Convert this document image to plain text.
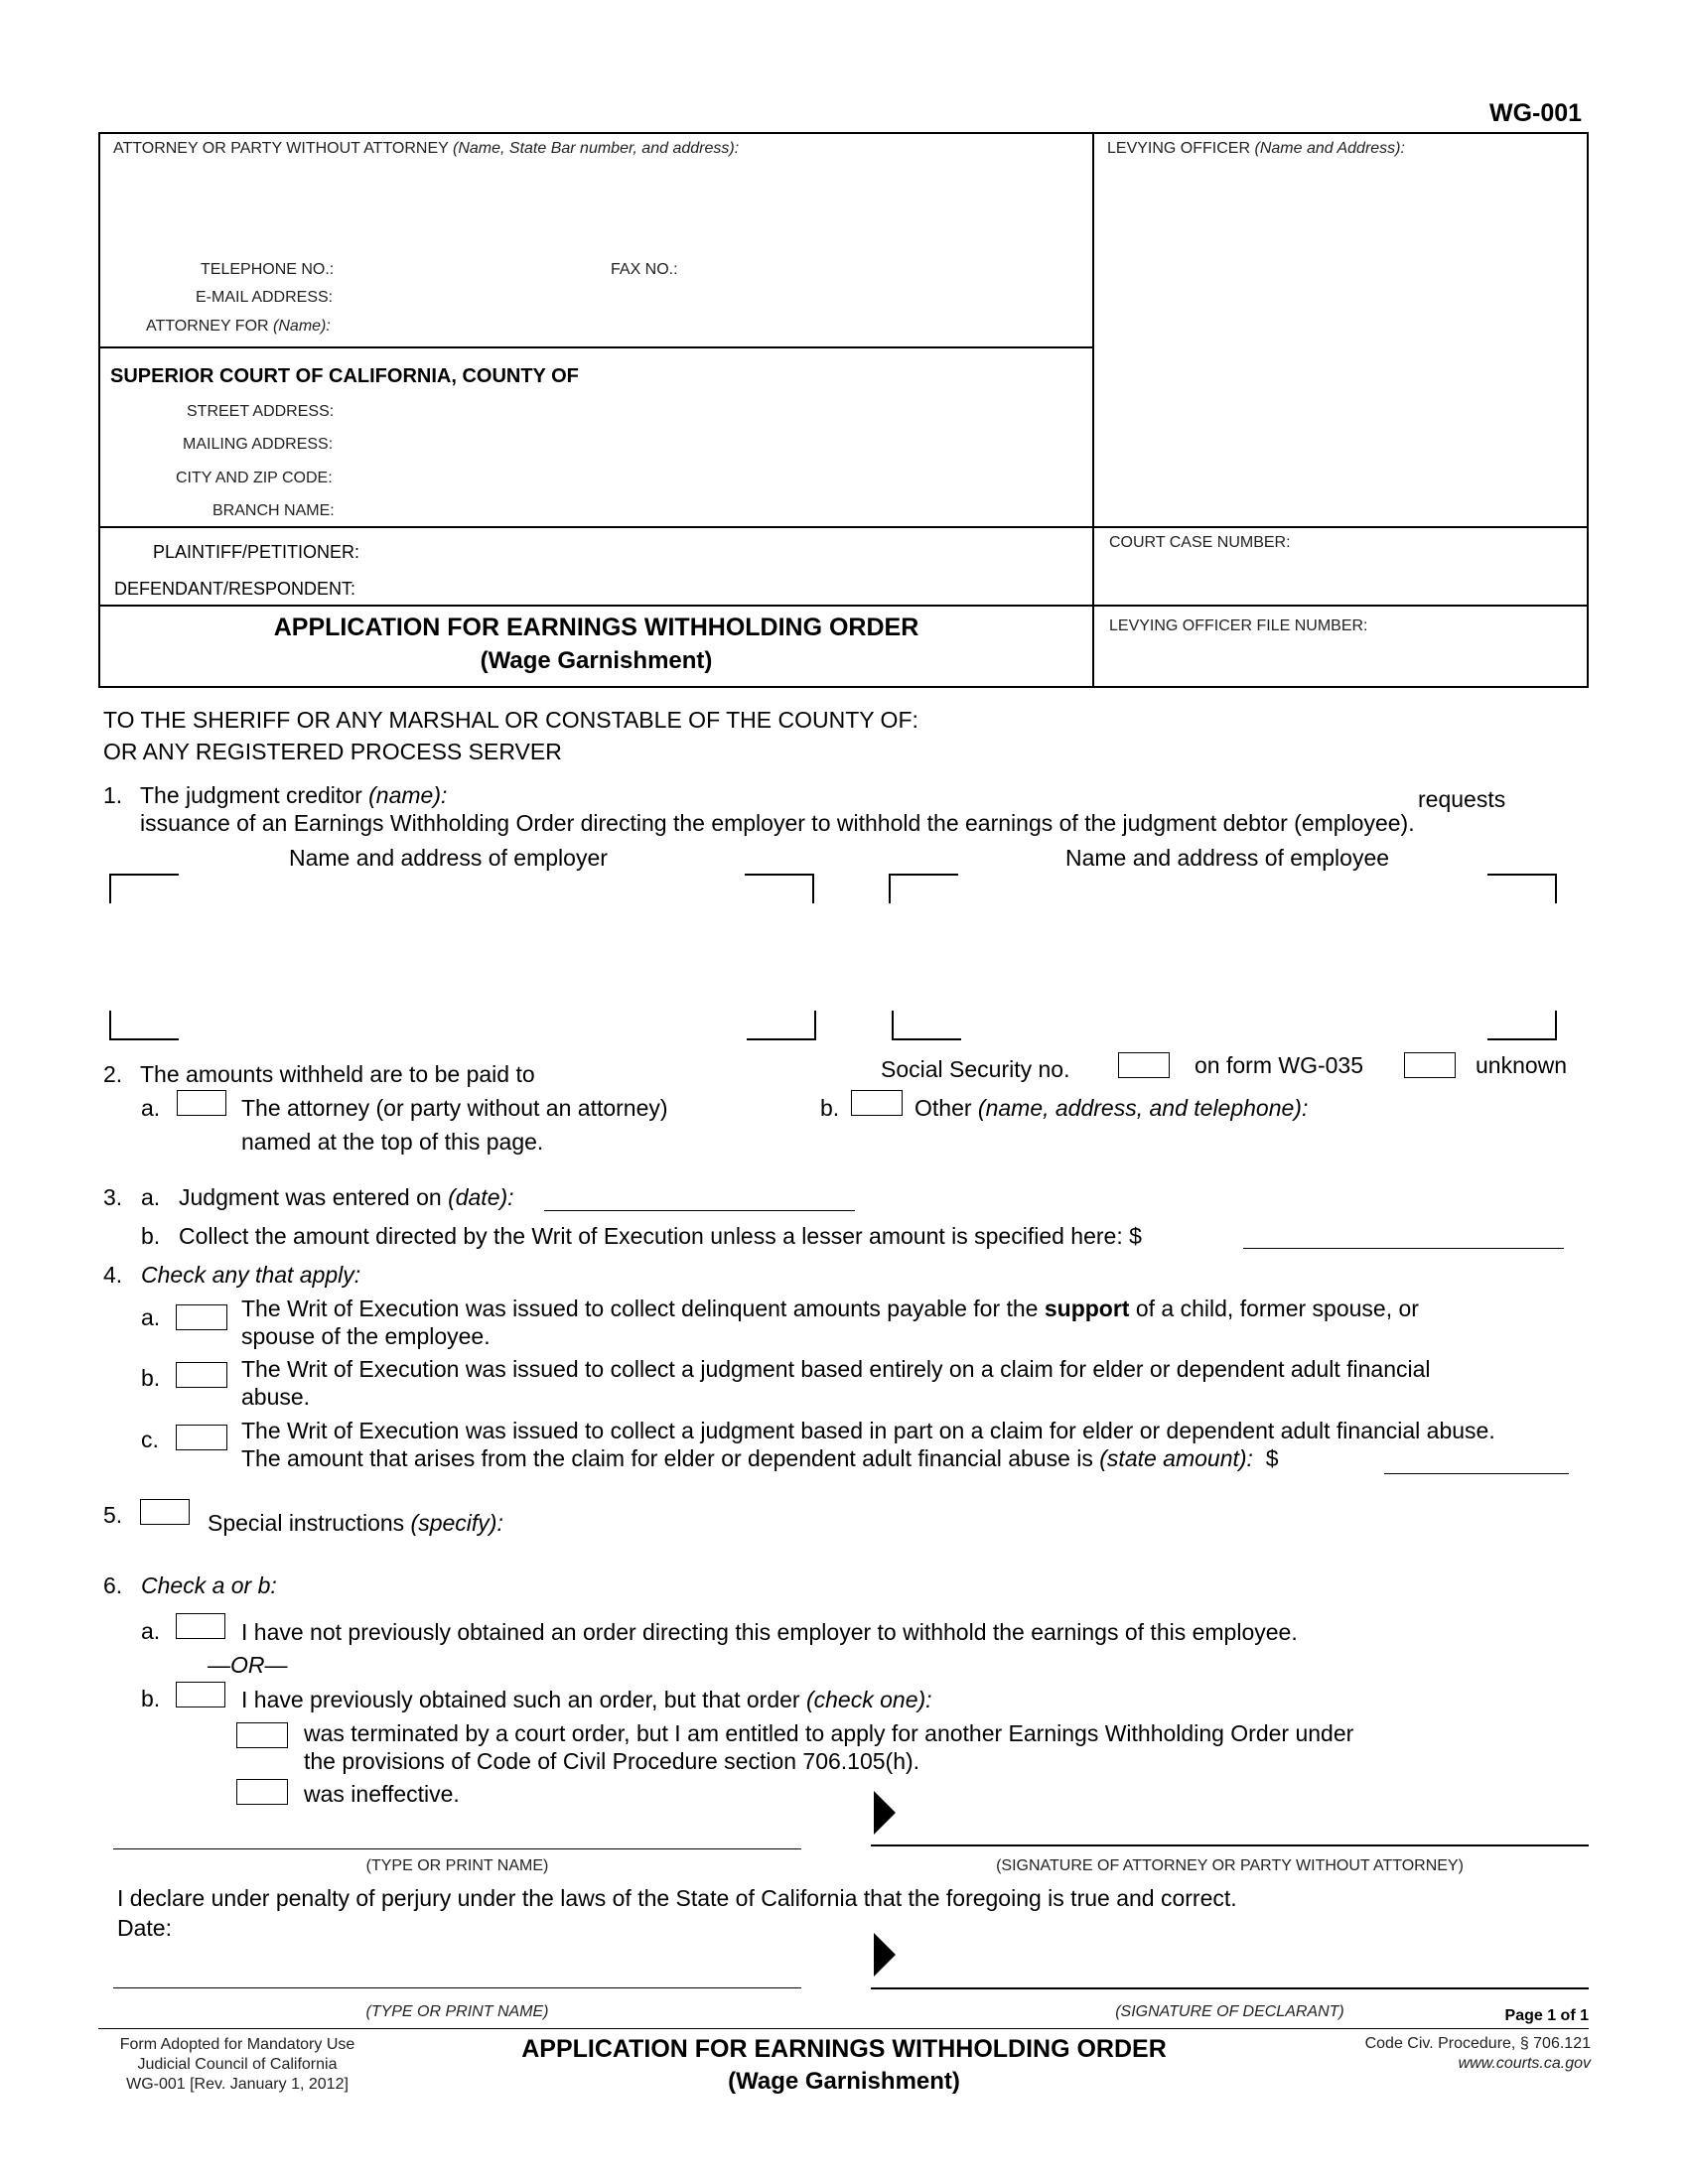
WG-001
ATTORNEY OR PARTY WITHOUT ATTORNEY (Name, State Bar number, and address):
TELEPHONE NO.:	FAX NO.:
E-MAIL ADDRESS:
ATTORNEY FOR (Name):
LEVYING OFFICER (Name and Address):
SUPERIOR COURT OF CALIFORNIA, COUNTY OF
STREET ADDRESS:
MAILING ADDRESS:
CITY AND ZIP CODE:
BRANCH NAME:
PLAINTIFF/PETITIONER:
DEFENDANT/RESPONDENT:
COURT CASE NUMBER:
APPLICATION FOR EARNINGS WITHHOLDING ORDER
(Wage Garnishment)
LEVYING OFFICER FILE NUMBER:
TO THE SHERIFF OR ANY MARSHAL OR CONSTABLE OF THE COUNTY OF:
OR ANY REGISTERED PROCESS SERVER
1. The judgment creditor (name):	requests
issuance of an Earnings Withholding Order directing the employer to withhold the earnings of the judgment debtor (employee).
Name and address of employer	Name and address of employee
2. The amounts withheld are to be paid to	Social Security no.	on form WG-035	unknown
a.	The attorney (or party without an attorney)
named at the top of this page.
b.	Other (name, address, and telephone):
3. a. Judgment was entered on (date):
b. Collect the amount directed by the Writ of Execution unless a lesser amount is specified here: $
4. Check any that apply:
a.	The Writ of Execution was issued to collect delinquent amounts payable for the support of a child, former spouse, or
spouse of the employee.
b.	The Writ of Execution was issued to collect a judgment based entirely on a claim for elder or dependent adult financial
abuse.
c.	The Writ of Execution was issued to collect a judgment based in part on a claim for elder or dependent adult financial abuse.
The amount that arises from the claim for elder or dependent adult financial abuse is (state amount): $
5.	Special instructions (specify):
6. Check a or b:
a.	I have not previously obtained an order directing this employer to withhold the earnings of this employee.
—OR—
b.	I have previously obtained such an order, but that order (check one):
was terminated by a court order, but I am entitled to apply for another Earnings Withholding Order under
the provisions of Code of Civil Procedure section 706.105(h).
was ineffective.
(TYPE OR PRINT NAME)	(SIGNATURE OF ATTORNEY OR PARTY WITHOUT ATTORNEY)
I declare under penalty of perjury under the laws of the State of California that the foregoing is true and correct.
Date:
(TYPE OR PRINT NAME)	(SIGNATURE OF DECLARANT)	Page 1 of 1
Form Adopted for Mandatory Use
Judicial Council of California
WG-001 [Rev. January 1, 2012]
APPLICATION FOR EARNINGS WITHHOLDING ORDER
(Wage Garnishment)
Code Civ. Procedure, § 706.121
www.courts.ca.gov
